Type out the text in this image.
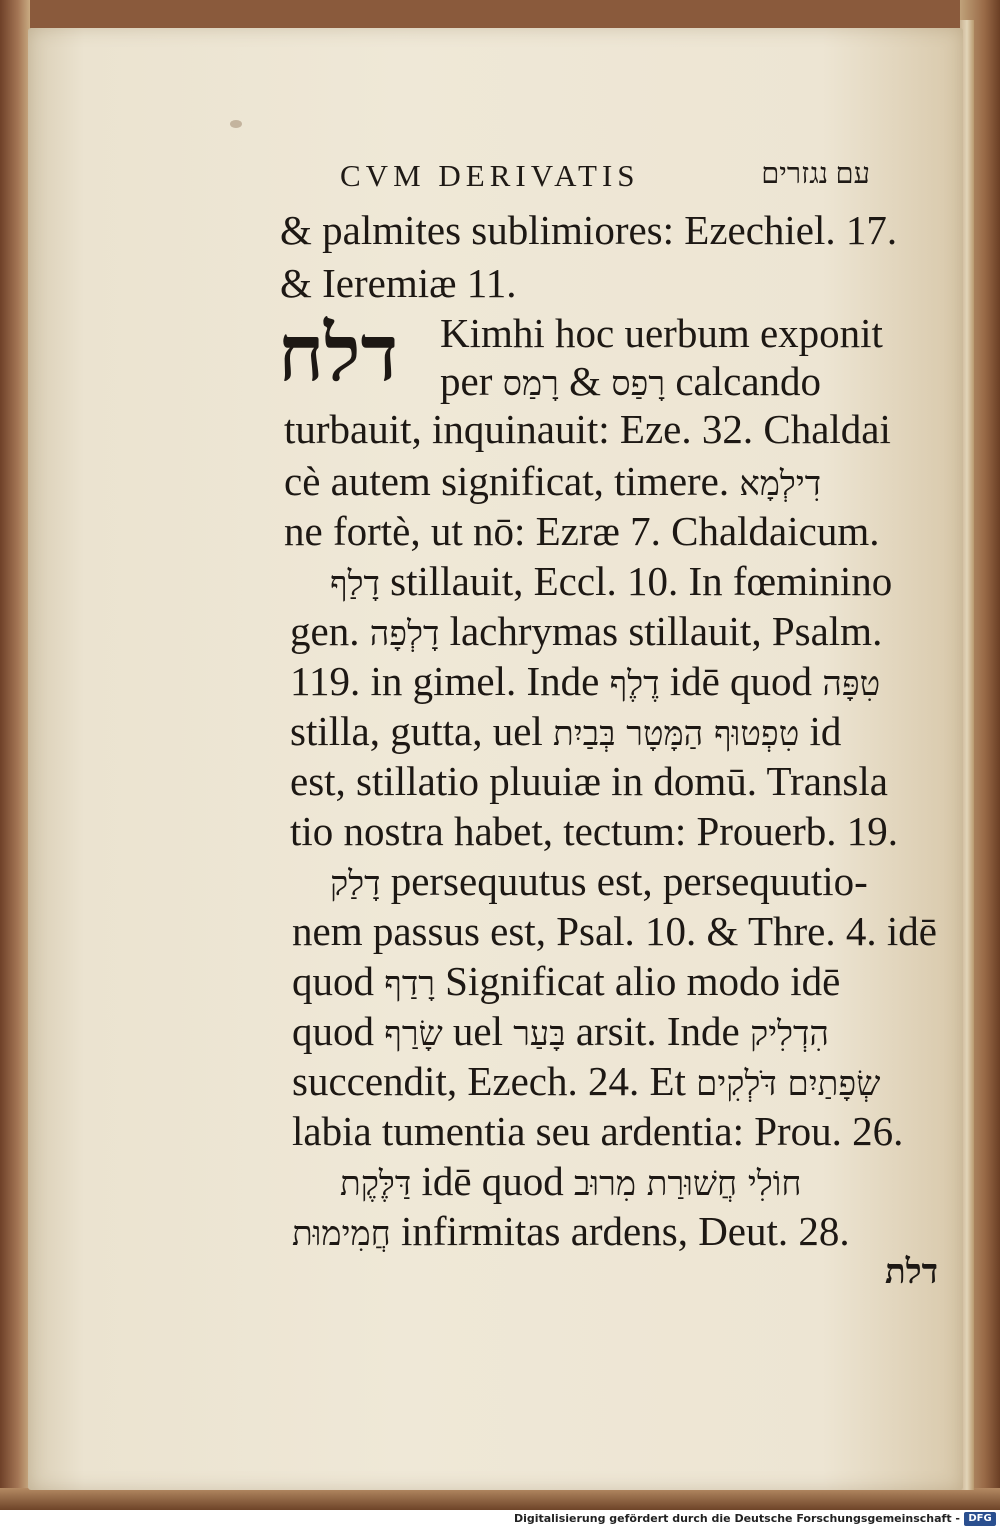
CVM DERIVATIS	עם נגזרים
דלח
& palmites sublimiores: Ezechiel. 17.
& Ieremiæ 11.
Kimhi hoc uerbum exponit
per רָמַס & רָפַס calcando
turbauit, inquinauit: Eze. 32. Chaldai
cè autem significat, timere. דִילְמָא
ne fortè, ut nō: Ezræ 7. Chaldaicum.
דָלַף stillauit, Eccl. 10. In fœminino
gen. דָלְפָה lachrymas stillauit, Psalm.
119. in gimel. Inde דֶלֶף idē quod טִפָּה
stilla, gutta, uel טִפְטוּף הַמָּטָר בְּבַיִת id
est, stillatio pluuiæ in domū. Transla
tio nostra habet, tectum: Prouerb. 19.
דָלַק persequutus est, persequutio-
nem passus est, Psal. 10. & Thre. 4. idē
quod רָדַף Significat alio modo idē
quod שָׂרַף uel בָּעַר arsit. Inde הִדְלִיק
succendit, Ezech. 24. Et שְׂפָתַיִם דֹּלְקִים
labia tumentia seu ardentia: Prou. 26.
דַּלֶּקֶת idē quod חוֹלִי חֲשׁוּרַת מִרוּב
חֲמִימוּת infirmitas ardens, Deut. 28.
דלת
Digitalisierung gefördert durch die Deutsche Forschungsgemeinschaft - DFG
